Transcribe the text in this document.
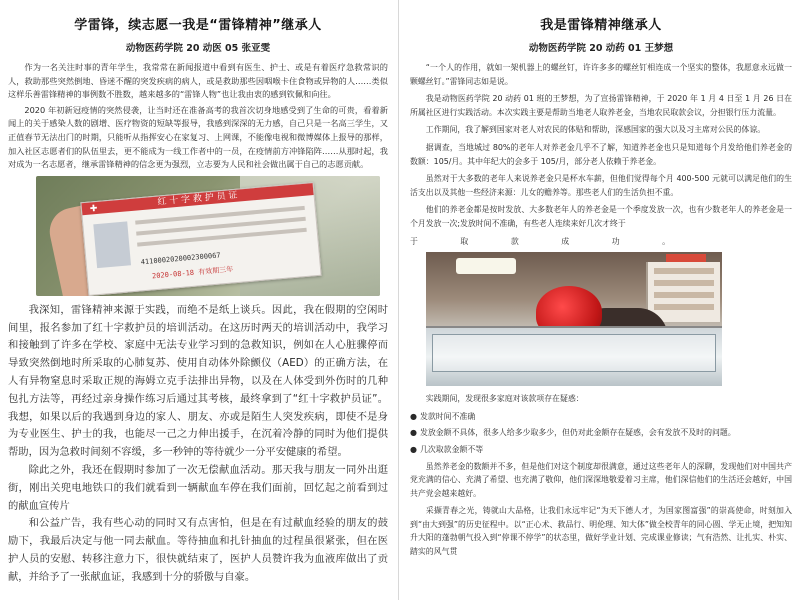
学雷锋，续志愿一我是“雷锋精神”继承人
动物医药学院 20 动医 05 张亚雯

作为一名关注时事的青年学生，我常常在新闻报道中看到有医生、护士、或是有着医疗急救常识的人，救助那些突然倒地、昏迷不醒的突发疾病的病人，或是救助那些因咽喉卡住食物或异物的人……类似这样乐善雷锋精神的事例数不胜数，越来越多的“雷锋人物”也让我由衷的感到钦佩和向往。

2020 年初新冠疫情的突然侵袭，让当时还在准备高考的我首次切身地感受到了生命的可贵，看着新闻上的关于感染人数的剧增、医疗物资的短缺等报导，我感到深深的无力感，自己只是一名高三学生，又正值春节无法出门的时期，只能听从指挥安心在家复习、上网课，不能像电视和微博媒体上报导的那样，加入社区志愿者们的队伍里去，更不能成为一线工作者中的一员，在疫情前方冲锋陷阵……从那时起，我对成为一名志愿者，继承雷锋精神的信念更为强烈，立志要为人民和社会做出属于自己的志愿贡献。

红 十 字 救 护 员 证
✚
4110002020002300067
2020-08-18 有效期三年

我深知，雷锋精神来源于实践，而绝不是纸上谈兵。因此，我在假期的空闲时间里，报名参加了红十字救护员的培训活动。在这历时两天的培训活动中，我学习和接触到了许多在学校、家庭中无法专业学习到的急救知识，例如在人心脏骤停而导致突然倒地时所采取的心肺复苏、使用自动体外除颤仪（AED）的正确方法，在人有异物窒息时采取正规的海姆立克手法排出异物，以及在人体受到外伤时的几种包扎方法等，再经过亲身操作练习后通过其考核，最终拿到了“红十字救护员证”。我想，如果以后的我遇到身边的家人、朋友、亦或是陌生人突发疾病，即使不是身为专业医生、护士的我，也能尽一己之力伸出援手，在沉着冷静的同时为他们提供帮助，因为急救时间刻不容缓，多一秒钟的等待就少一分平安健康的希望。

除此之外，我还在假期时参加了一次无偿献血活动。那天我与朋友一同外出逛街，刚出关兜电地铁口的我们就看到一辆献血车停在我们面前，回忆起之前看到过的献血宣传片

和公益广告，我有些心动的同时又有点害怕，但是在有过献血经验的朋友的鼓励下，我最后决定与他一同去献血。等待抽血和扎针抽血的过程虽很紧张，但在医护人员的安慰、转移注意力下，很快就结束了，医护人员赞许我为血液库做出了贡献，并给予了一张献血证，我感到十分的骄傲与自豪。

我是雷锋精神继承人
动物医药学院 20 动药 01 王梦想

“一个人的作用，就如一架机器上的螺丝钉，许许多多的螺丝钉相连成一个坚实的整体，我愿意永远做一颗螺丝钉。”雷锋同志如是说。

我是动物医药学院 20 动药 01 班的王梦想，为了宣扬雷锋精神，于 2020 年 1 月 4 日至 1 月 26 日在所属社区进行实践活动。本次实践主要是帮助当地老人取养老金，当地农民取款会议，分担银行压力流量。

工作期间，我了解到国家对老人对农民的体贴和帮助，深感国家的强大以及习主席对公民的体谅。

据调查，当地城过 80%的老年人对养老金几乎不了解，知道养老金也只是知道每个月发给他们养老金的数额：105/月。其中年纪大的会多于 105/月，部分老人依赖于养老金。

虽然对于大多数的老年人来说养老金只是杯水车薪，但他们觉得每个月 400-500 元就可以满足他们的生活支出以及其他一些经济来源：儿女的赡养等。那些老人们的生活负担不重。

他们的养老金都是按时发放、大多数老年人的养老金是一个季度发放一次，也有少数老年人的养老金是一个月发放一次;发放时间不准确，有些老人连续来好几次才终于

于	取	款	成	功	。

实践期间，发现很多家庭对该款项存在疑惑：

● 发款时间不准确

● 发放金额不具体，很多人给多少取多少，但仍对此金额存在疑惑，会有发放不及时的问题。

● 几次取款金额不等

虽然养老金的数额并不多，但是他们对这个制度却很满意，通过这些老年人的深聊，发现他们对中国共产党充满的信心、充满了希望、也充满了敬仰，他们深深地敬爱着习主席，他们深信他们的生活还会越好，中国共产党会越来越好。

采撷青春之光，铸就山大品格，让我们永远牢记“为天下德人才，为国家图富强”的崇高使命，时刻加入到“由大到强”的历史征程中。以“正心术、救品行、明伦理、知大体”做全校青年的同心圆、学无止境，把知知升大阳的蓬勃朝气投入到“停课不停学”的状态里，做好学业计划、完成课业修读；气有浩然、让扎实、朴实、踏实的风气贯
